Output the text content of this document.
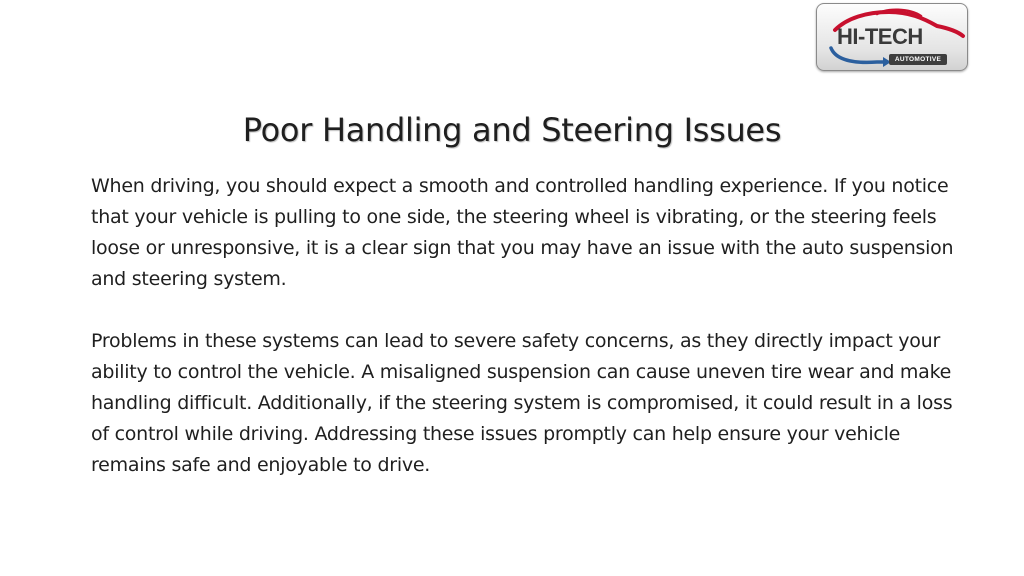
HI-TECH
AUTOMOTIVE
Poor Handling and Steering Issues

When driving, you should expect a smooth and controlled handling experience. If you notice that your vehicle is pulling to one side, the steering wheel is vibrating, or the steering feels loose or unresponsive, it is a clear sign that you may have an issue with the auto suspension and steering system.

Problems in these systems can lead to severe safety concerns, as they directly impact your ability to control the vehicle. A misaligned suspension can cause uneven tire wear and make handling difficult. Additionally, if the steering system is compromised, it could result in a loss of control while driving. Addressing these issues promptly can help ensure your vehicle remains safe and enjoyable to drive.
